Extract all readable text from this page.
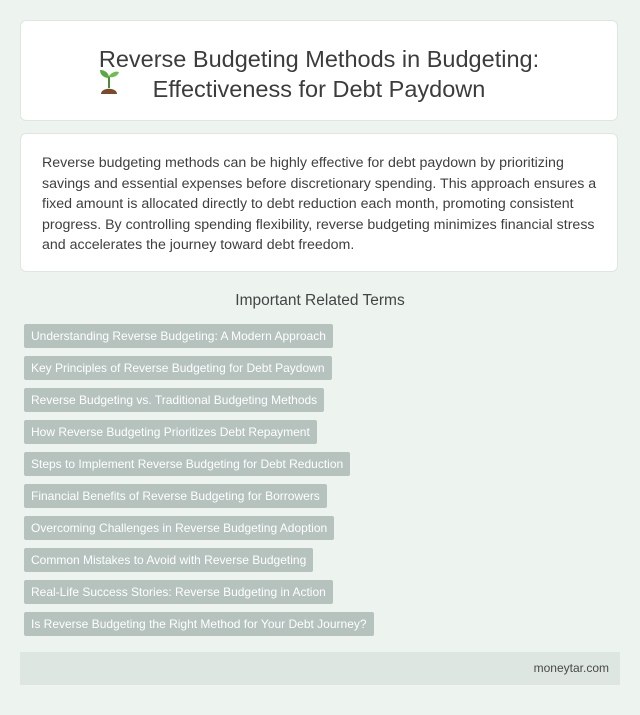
Reverse Budgeting Methods in Budgeting:
Effectiveness for Debt Paydown

Reverse budgeting methods can be highly effective for debt paydown by prioritizing savings and essential expenses before discretionary spending. This approach ensures a fixed amount is allocated directly to debt reduction each month, promoting consistent progress. By controlling spending flexibility, reverse budgeting minimizes financial stress and accelerates the journey toward debt freedom.

Important Related Terms
Understanding Reverse Budgeting: A Modern Approach
Key Principles of Reverse Budgeting for Debt Paydown
Reverse Budgeting vs. Traditional Budgeting Methods
How Reverse Budgeting Prioritizes Debt Repayment
Steps to Implement Reverse Budgeting for Debt Reduction
Financial Benefits of Reverse Budgeting for Borrowers
Overcoming Challenges in Reverse Budgeting Adoption
Common Mistakes to Avoid with Reverse Budgeting
Real-Life Success Stories: Reverse Budgeting in Action
Is Reverse Budgeting the Right Method for Your Debt Journey?
moneytar.com
